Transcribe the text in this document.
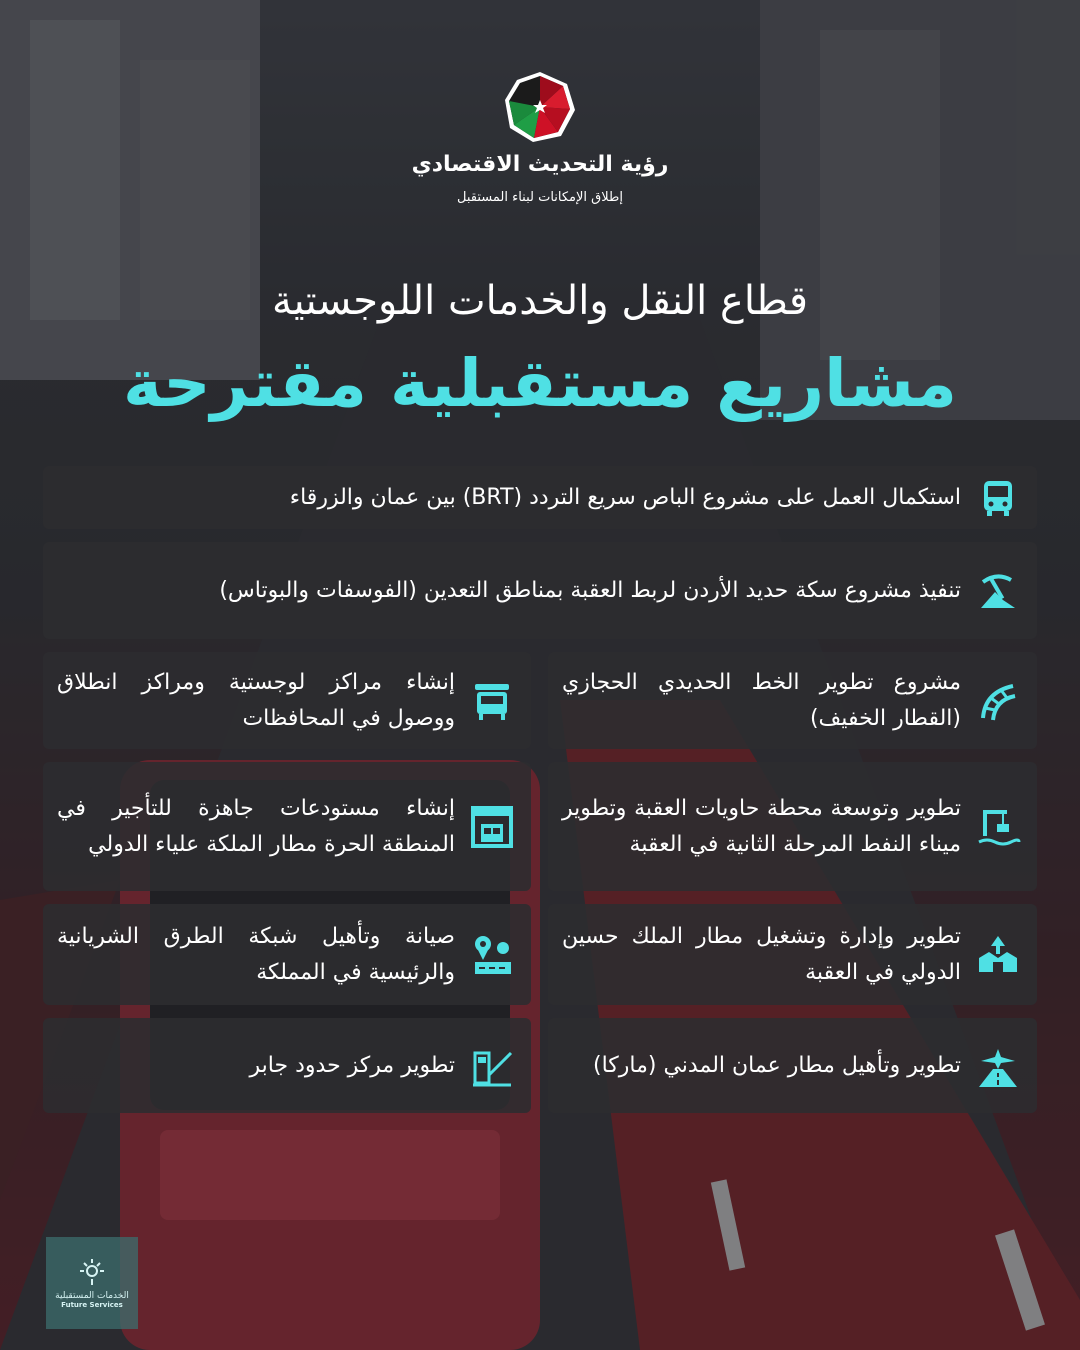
رؤية التحديث الاقتصادي
إطلاق الإمكانات لبناء المستقبل
قطاع النقل والخدمات اللوجستية
مشاريع مستقبلية مقترحة
استكمال العمل على مشروع الباص سريع التردد (BRT) بين عمان والزرقاء
تنفيذ مشروع سكة حديد الأردن لربط العقبة بمناطق التعدين (الفوسفات والبوتاس)
مشروع تطوير الخط الحديدي الحجازي (القطار الخفيف)
تطوير وتوسعة محطة حاويات العقبة وتطوير ميناء النفط المرحلة الثانية في العقبة
تطوير وإدارة وتشغيل مطار الملك حسين الدولي في العقبة
تطوير وتأهيل مطار عمان المدني (ماركا)
إنشاء مراكز لوجستية ومراكز انطلاق ووصول في المحافظات
إنشاء مستودعات جاهزة للتأجير في المنطقة الحرة مطار الملكة علياء الدولي
صيانة وتأهيل شبكة الطرق الشريانية والرئيسية في المملكة
تطوير مركز حدود جابر
الخدمات المستقبلية
Future Services
